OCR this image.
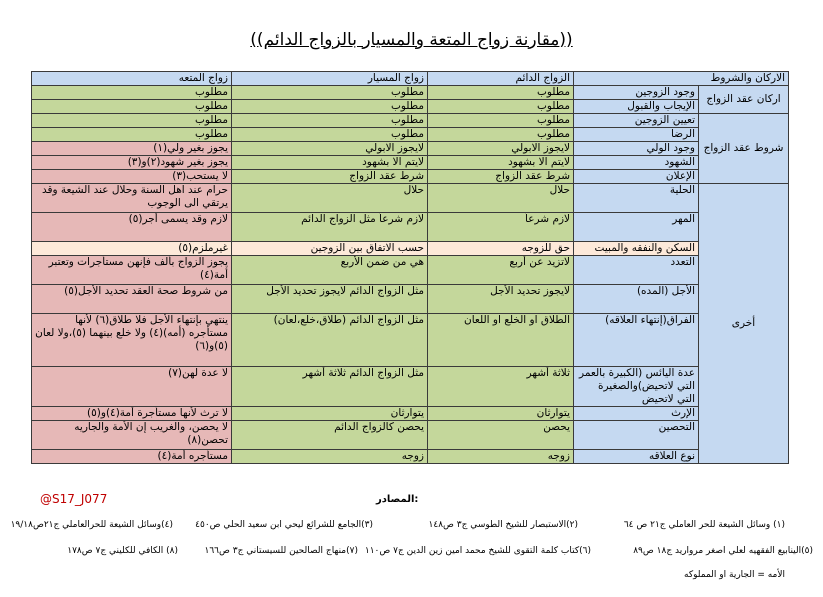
((مقارنة زواج المتعة والمسيار بالزواج الدائم))
الاركان والشروط		الزواج الدائم	زواج المسيار	زواج المتعه
اركان عقد الزواج	وجود الزوجين	مطلوب	مطلوب	مطلوب
	الإيجاب والقبول	مطلوب	مطلوب	مطلوب
شروط عقد الزواج	تعيين الزوجين	مطلوب	مطلوب	مطلوب
	الرضا	مطلوب	مطلوب	مطلوب
	وجود الولي	لايجوز الابولي	لايجوز الابولي	يجوز بغير ولي(١)
	الشهود	لايتم الا بشهود	لايتم الا بشهود	يجوز بغير شهود(٢)و(٣)
	الإعلان	شرط عقد الزواج	شرط عقد الزواج	لا يستحب(٣)
أخرى	الحلية	حلال	حلال	حرام عند اهل السنة وحلال عند الشيعة وقد يرتقي الى الوجوب
	المهر	لازم شرعاً	لازم شرعاً مثل الزواج الدائم	لازم وقد يسمى أجر(٥)
	السكن والنفقه والمبيت	حق للزوجه	حسب الاتفاق بين الزوجين	غيرملزم(٥)
	التعدد	لاتزيد عن أربع	هي من ضمن الأربع	يجوز الزواج بألف فإنهن مستأجرات وتعتبر أمة(٤)
	الأجل (المده)	لايجوز تحديد الأجل	مثل الزواج الدائم لايجوز تحديد الأجل	من شروط صحة العقد تحديد الأجل(٥)
	الفراق(إنتهاء العلاقه)	الطلاق او الخلع او اللعان	مثل الزواج الدائم (طلاق،خلع،لعان)	ينتهي بإنتهاء الأجل فلا طلاق(٦) لأنها مستأجره (أمه)(٤) ولا خلع بينهما (٥)،ولا لعان (٥)و(٦)
	عدة اليائس (الكبيرة بالعمر التي لاتحيض)والصغيرة التي لاتحيض	ثلاثة أشهر	مثل الزواج الدائم ثلاثة أشهر	لا عدة لهن(٧)
	الإرث	يتوارثان	يتوارثان	لا ترث لأنها مستأجرة أمة(٤)و(٥)
	التحصين	يحصن	يحصن كالزواج الدائم	لا يحصن، والغريب إن الأمة والجاريه تحصن(٨)
	نوع العلاقه	زوجه	زوجه	مستأجره أمة(٤)
@S17_J077	المصادر:
(١) وسائل الشيعة للحر العاملي ج٢١ ص ٦٤
(٢)الاستبصار للشيخ الطوسي ج٣ ص١٤٨
(٣)الجامع للشرائع ليحي ابن سعيد الحلي ص٤٥٠
(٤)وسائل الشيعة للحرالعاملي ج٢١ص١٩/١٨
(٥)الينابيع الفقهيه لعلي اصغر مرواريد ج١٨ ص٨٩
(٦)كتاب كلمة التقوى للشيخ محمد امين زين الدين ج٧ ص١١٠
(٧)منهاج الصالحين للسيستاني ج٣ ص١٦٦
(٨) الكافي للكليني ج٧ ص١٧٨
الأمه = الجارية او المملوكه
